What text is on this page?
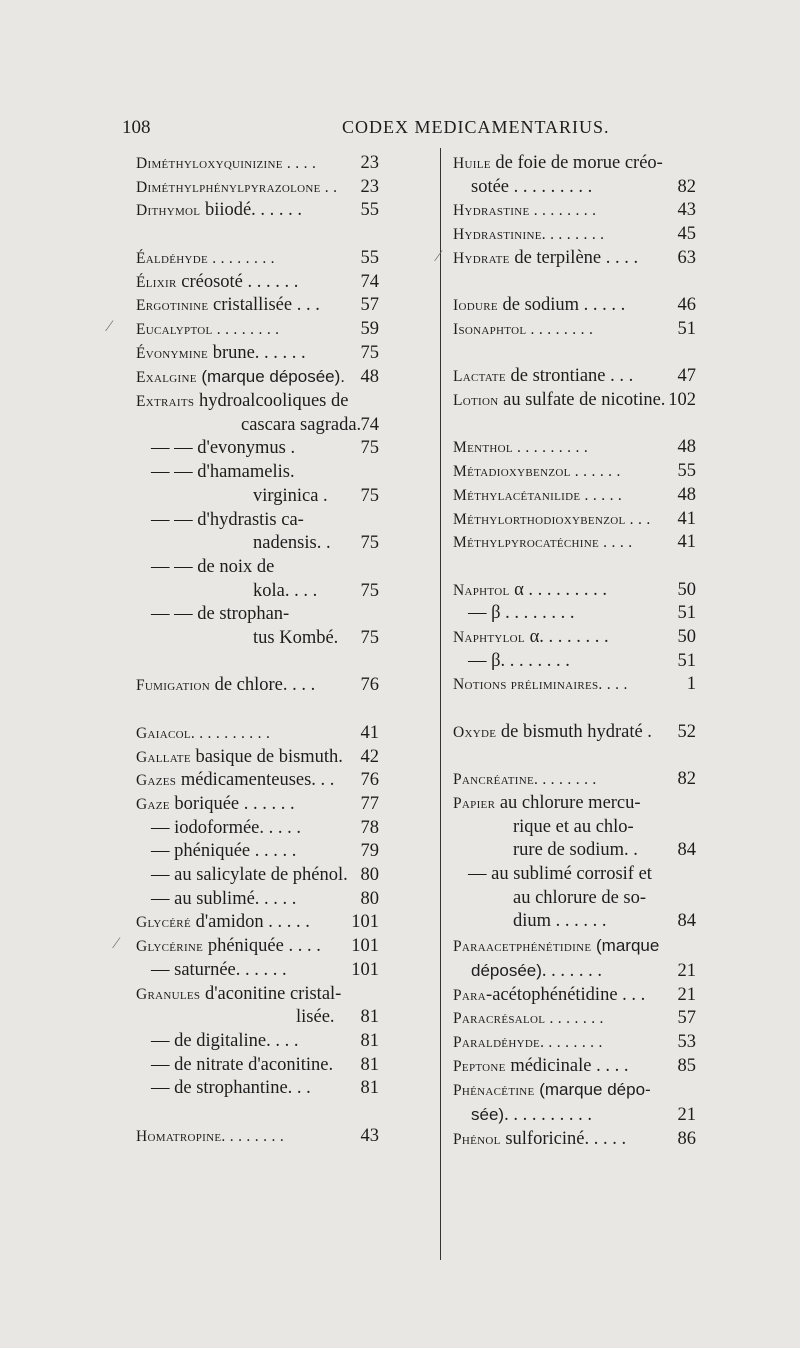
108	CODEX MEDICAMENTARIUS.
Diméthyloxyquinizine . . . .	23
Diméthylphénylpyrazolone . .	23
Dithymol biiodé. . . . . .	55
Éaldéhyde . . . . . . . .	55
Élixir créosoté . . . . . .	74
Ergotinine cristallisée . . .	57
Eucalyptol . . . . . . . .	59
Évonymine brune. . . . . .	75
Exalgine (marque déposée). 48
Extraits hydroalcooliques de
cascara sagrada. 74
— — d'evonymus .	75
— — d'hamamelis.
virginica .	75
— — d'hydrastis ca-
nadensis. .	75
— — de noix de
kola. . . .	75
— — de strophan-
tus Kombé.	75
Fumigation de chlore. . . .	76
Gaiacol. . . . . . . . . .	41
Gallate basique de bismuth. 42
Gazes médicamenteuses. . .	76
Gaze boriquée . . . . . .	77
— iodoformée. . . . .	78
— phéniquée . . . . .	79
— au salicylate de phénol. 80
— au sublimé. . . . .	80
Glycéré d'amidon . . . . .	101
Glycérine phéniquée . . . .	101
— saturnée. . . . . .	101
Granules d'aconitine cristal-
lisée.	81
— de digitaline. . . .	81
— de nitrate d'aconitine.	81
— de strophantine. . .	81
Homatropine. . . . . . . .	43
Huile de foie de morue créo-
sotée . . . . . . . . .	82
Hydrastine . . . . . . . .	43
Hydrastinine. . . . . . . .	45
Hydrate de terpilène . . . .	63
Iodure de sodium . . . . .	46
Isonaphtol . . . . . . . .	51
Lactate de strontiane . . .	47
Lotion au sulfate de nicotine. 102
Menthol . . . . . . . . .	48
Métadioxybenzol . . . . . .	55
Méthylacétanilide . . . . .	48
Méthylorthodioxybenzol . . .	41
Méthylpyrocatéchine . . . .	41
Naphtol α . . . . . . . . .	50
— β . . . . . . . .	51
Naphtylol α. . . . . . . .	50
— β. . . . . . . .	51
Notions préliminaires. . . .	1
Oxyde de bismuth hydraté .	52
Pancréatine. . . . . . . .	82
Papier au chlorure mercu-
rique et au chlo-
rure de sodium. .	84
— au sublimé corrosif et
au chlorure de so-
dium . . . . . .	84
Paraacetphénétidine (marque
déposée). . . . . . .	21
Para-acétophénétidine . . .	21
Paracrésalol . . . . . . .	57
Paraldéhyde. . . . . . . .	53
Peptone médicinale . . . .	85
Phénacétine (marque dépo-
sée). . . . . . . . . .	21
Phénol sulforiciné. . . . .	86
⁄
⁄
⁄
